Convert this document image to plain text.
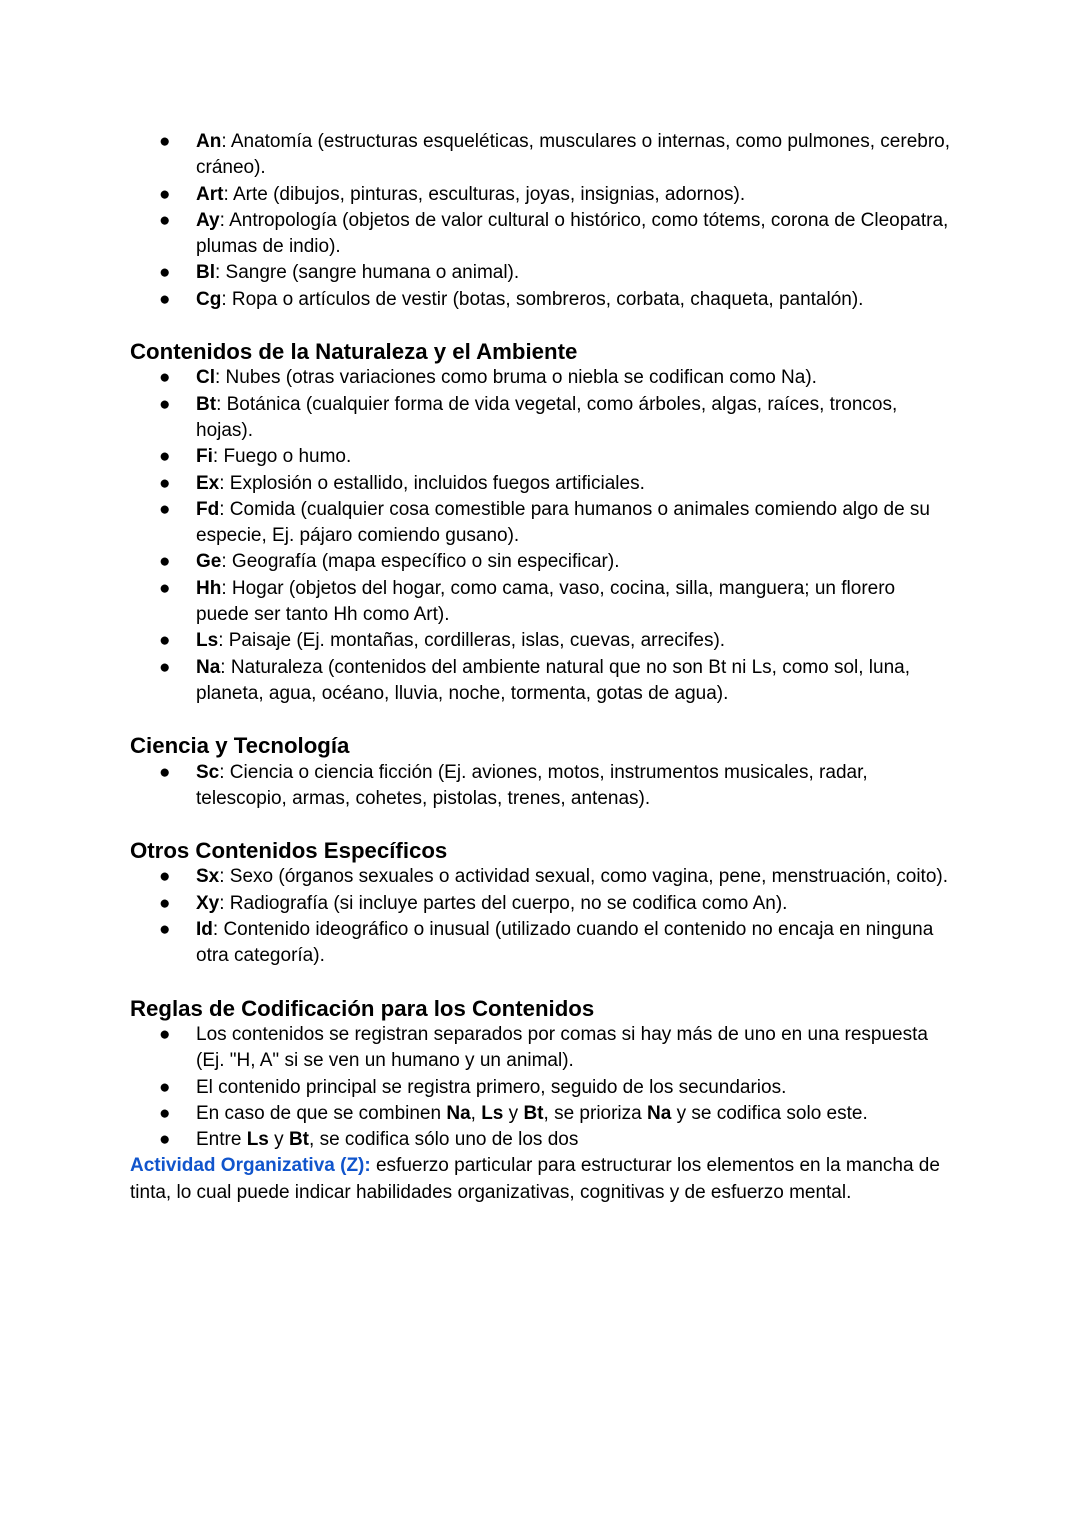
● An: Anatomía (estructuras esqueléticas, musculares o internas, como pulmones, cerebro, cráneo).
● Art: Arte (dibujos, pinturas, esculturas, joyas, insignias, adornos).
● Ay: Antropología (objetos de valor cultural o histórico, como tótems, corona de Cleopatra, plumas de indio).
● Bl: Sangre (sangre humana o animal).
● Cg: Ropa o artículos de vestir (botas, sombreros, corbata, chaqueta, pantalón).
Contenidos de la Naturaleza y el Ambiente
● Cl: Nubes (otras variaciones como bruma o niebla se codifican como Na).
● Bt: Botánica (cualquier forma de vida vegetal, como árboles, algas, raíces, troncos, hojas).
● Fi: Fuego o humo.
● Ex: Explosión o estallido, incluidos fuegos artificiales.
● Fd: Comida (cualquier cosa comestible para humanos o animales comiendo algo de su especie, Ej. pájaro comiendo gusano).
● Ge: Geografía (mapa específico o sin especificar).
● Hh: Hogar (objetos del hogar, como cama, vaso, cocina, silla, manguera; un florero puede ser tanto Hh como Art).
● Ls: Paisaje (Ej. montañas, cordilleras, islas, cuevas, arrecifes).
● Na: Naturaleza (contenidos del ambiente natural que no son Bt ni Ls, como sol, luna, planeta, agua, océano, lluvia, noche, tormenta, gotas de agua).
Ciencia y Tecnología
● Sc: Ciencia o ciencia ficción (Ej. aviones, motos, instrumentos musicales, radar, telescopio, armas, cohetes, pistolas, trenes, antenas).
Otros Contenidos Específicos
● Sx: Sexo (órganos sexuales o actividad sexual, como vagina, pene, menstruación, coito).
● Xy: Radiografía (si incluye partes del cuerpo, no se codifica como An).
● Id: Contenido ideográfico o inusual (utilizado cuando el contenido no encaja en ninguna otra categoría).
Reglas de Codificación para los Contenidos
● Los contenidos se registran separados por comas si hay más de uno en una respuesta (Ej. "H, A" si se ven un humano y un animal).
● El contenido principal se registra primero, seguido de los secundarios.
● En caso de que se combinen Na, Ls y Bt, se prioriza Na y se codifica solo este.
● Entre Ls y Bt, se codifica sólo uno de los dos

Actividad Organizativa (Z): esfuerzo particular para estructurar los elementos en la mancha de tinta, lo cual puede indicar habilidades organizativas, cognitivas y de esfuerzo mental.
